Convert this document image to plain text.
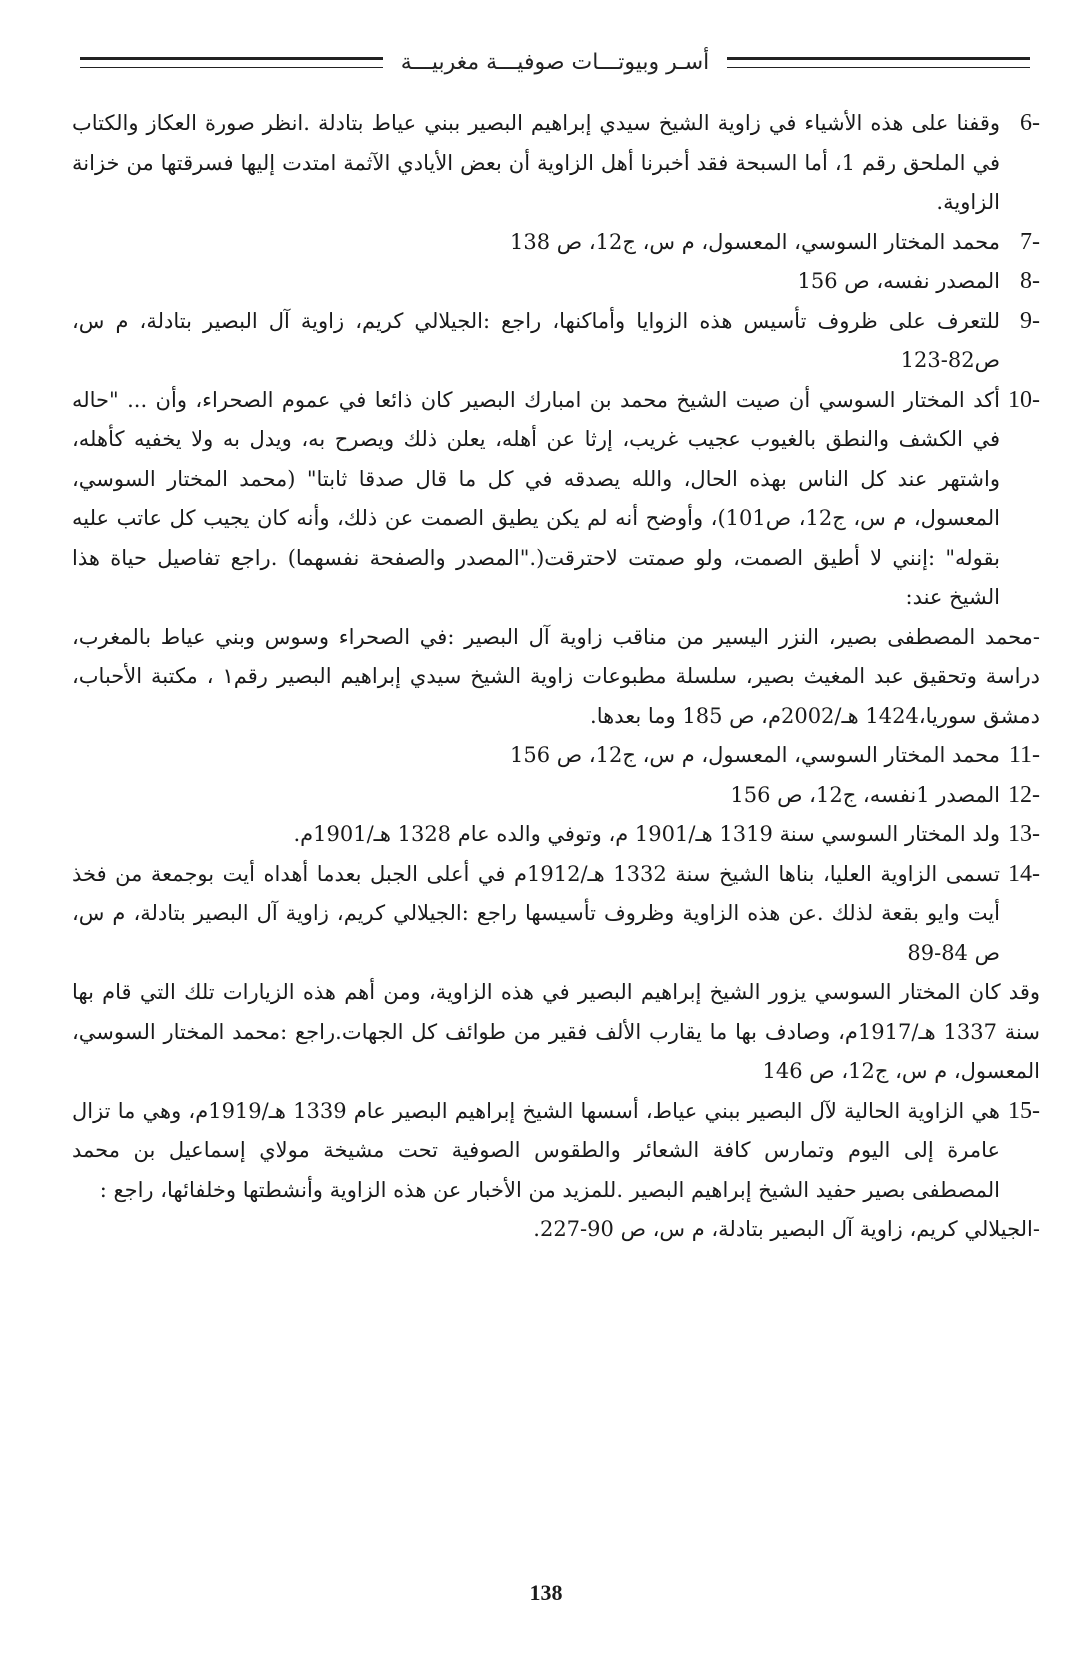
أسـر وبيوتـــات صوفيـــة مغربيـــة

-6
وقفنا على هذه الأشياء في زاوية الشيخ سيدي إبراهيم البصير ببني عياط بتادلة .انظر صورة العكاز والكتاب في الملحق رقم 1، أما السبحة فقد أخبرنا أهل الزاوية أن بعض الأيادي الآثمة امتدت إليها فسرقتها من خزانة الزاوية.

-7
محمد المختار السوسي، المعسول، م س، ج12، ص 138

-8
المصدر نفسه، ص 156

-9
للتعرف على ظروف تأسيس هذه الزوايا وأماكنها، راجع :الجيلالي كريم، زاوية آل البصير بتادلة، م س، ص82-123

-10
أكد المختار السوسي أن صيت الشيخ محمد بن امبارك البصير كان ذائعا في عموم الصحراء، وأن ... "حاله في الكشف والنطق بالغيوب عجيب غريب، إرثا عن أهله، يعلن ذلك ويصرح به، ويدل به ولا يخفيه كأهله، واشتهر عند كل الناس بهذه الحال، والله يصدقه في كل ما قال صدقا ثابتا" (محمد المختار السوسي، المعسول، م س، ج12، ص101)، وأوضح أنه لم يكن يطيق الصمت عن ذلك، وأنه كان يجيب كل عاتب عليه بقوله" :إنني لا أطيق الصمت، ولو صمتت لاحترقت(."المصدر والصفحة نفسهما) .راجع تفاصيل حياة هذا الشيخ عند:

-محمد المصطفى بصير، النزر اليسير من مناقب زاوية آل البصير :في الصحراء وسوس وبني عياط بالمغرب، دراسة وتحقيق عبد المغيث بصير، سلسلة مطبوعات زاوية الشيخ سيدي إبراهيم البصير رقم١ ، مكتبة الأحباب، دمشق سوريا،1424 هـ/2002م، ص 185 وما بعدها.

-11
محمد المختار السوسي، المعسول، م س، ج12، ص 156

-12
المصدر 1نفسه، ج12، ص 156

-13
ولد المختار السوسي سنة 1319 هـ/1901 م، وتوفي والده عام 1328 هـ/1901م.

-14
تسمى الزاوية العليا، بناها الشيخ سنة 1332 هـ/1912م في أعلى الجبل بعدما أهداه أيت بوجمعة من فخذ أيت وايو بقعة لذلك .عن هذه الزاوية وظروف تأسيسها راجع :الجيلالي كريم، زاوية آل البصير بتادلة، م س، ص 84-89

وقد كان المختار السوسي يزور الشيخ إبراهيم البصير في هذه الزاوية، ومن أهم هذه الزيارات تلك التي قام بها سنة 1337 هـ/1917م، وصادف بها ما يقارب الألف فقير من طوائف كل الجهات.راجع :محمد المختار السوسي، المعسول، م س، ج12، ص 146

-15
هي الزاوية الحالية لآل البصير ببني عياط، أسسها الشيخ إبراهيم البصير عام 1339 هـ/1919م، وهي ما تزال عامرة إلى اليوم وتمارس كافة الشعائر والطقوس الصوفية تحت مشيخة مولاي إسماعيل بن محمد المصطفى بصير حفيد الشيخ إبراهيم البصير .للمزيد من الأخبار عن هذه الزاوية وأنشطتها وخلفائها، راجع :

-الجيلالي كريم، زاوية آل البصير بتادلة، م س، ص 90-227.

138
